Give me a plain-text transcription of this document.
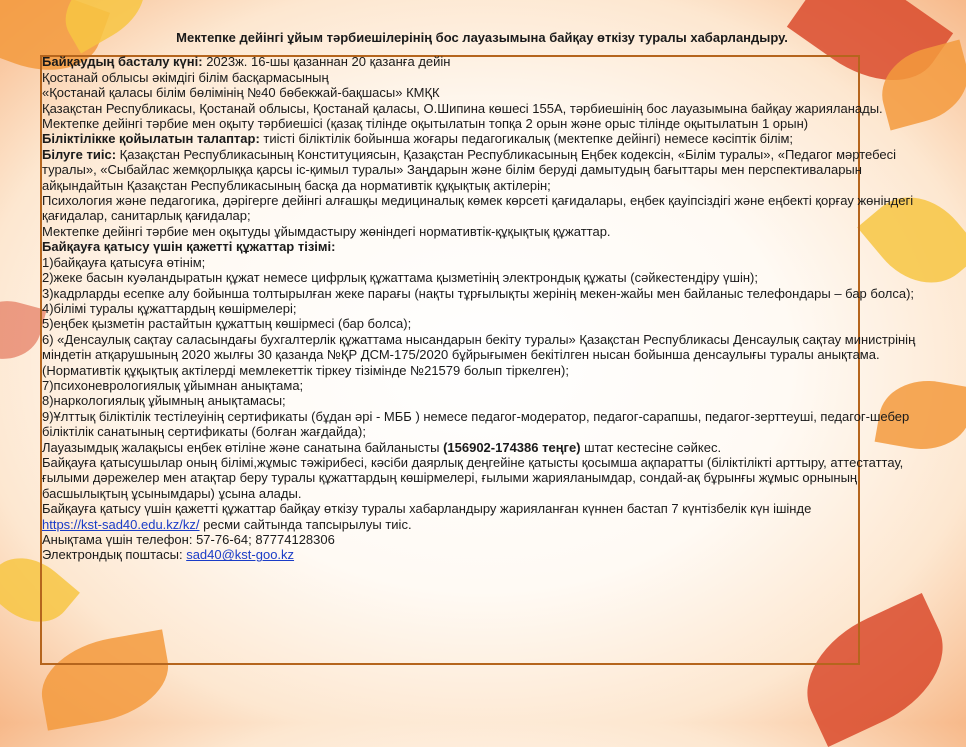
Мектепке дейінгі ұйым тәрбиешілерінің бос лауазымына байқау өткізу туралы хабарландыру.
Байқаудың басталу күні: 2023ж. 16-шы қазаннан 20 қазанға дейін
Қостанай облысы әкімдігі білім басқармасының
«Қостанай қаласы білім бөлімінің №40 бөбекжай-бақшасы» КМҚК
Қазақстан Республикасы, Қостанай облысы, Қостанай қаласы, О.Шипина көшесі 155А, тәрбиешінің бос лауазымына байқау жарияланады.
Мектепке дейінгі тәрбие мен оқыту тәрбиешісі (қазақ тілінде оқытылатын топқа 2 орын және орыс тілінде оқытылатын 1 орын)
Біліктілікке қойылатын талаптар: тиісті біліктілік бойынша жоғары педагогикалық (мектепке дейінгі) немесе кәсіптік білім;
Білуге тиіс: Қазақстан Республикасының Конституциясын, Қазақстан Республикасының Еңбек кодексін, «Білім туралы», «Педагог мәртебесі туралы», «Сыбайлас жемқорлыққа қарсы іс-қимыл туралы» Заңдарын және білім беруді дамытудың бағыттары мен перспективаларын айқындайтын Қазақстан Республикасының басқа да нормативтік құқықтық актілерін;
Психология және педагогика, дәрігерге дейінгі алғашқы медициналық көмек көрсеті қағидалары, еңбек қауіпсіздігі және еңбекті қорғау жөніндегі қағидалар, санитарлық қағидалар;
Мектепке дейінгі тәрбие мен оқытуды ұйымдастыру жөніндегі нормативтік-құқықтық құжаттар.
Байқауға қатысу үшін қажетті құжаттар тізімі:
1)байқауға қатысуға өтінім;
2)жеке басын куәландыратын құжат немесе цифрлық құжаттама қызметінің электрондық құжаты (сәйкестендіру үшін);
3)кадрларды есепке алу бойынша толтырылған жеке парағы (нақты тұрғылықты жерінің мекен-жайы мен байланыс телефондары – бар болса);
4)білімі туралы құжаттардың көшірмелері;
5)еңбек қызметін растайтын құжаттың көшірмесі (бар болса);
6) «Денсаулық сақтау саласындағы бухгалтерлік құжаттама нысандарын бекіту туралы» Қазақстан Республикасы Денсаулық сақтау министрінің міндетін атқарушының 2020 жылғы 30 қазанда №ҚР ДСМ-175/2020 бұйрығымен бекітілген нысан бойынша денсаулығы туралы анықтама. (Нормативтік құқықтық актілерді мемлекеттік тіркеу тізімінде №21579 болып тіркелген);
7)психоневрологиялық ұйымнан анықтама;
8)наркологиялық ұйымның анықтамасы;
9)Ұлттық біліктілік тестілеуінің сертификаты (бұдан әрі - МББ ) немесе педагог-модератор, педагог-сарапшы, педагог-зерттеуші, педагог-шебер біліктілік санатының сертификаты (болған жағдайда);
Лауазымдық жалақысы еңбек өтіліне және санатына байланысты (156902-174386 теңге) штат кестесіне сәйкес.
Байқауға қатысушылар оның білімі,жұмыс тәжірибесі, кәсіби даярлық деңгейіне қатысты қосымша ақпаратты (біліктілікті арттыру, аттестаттау, ғылыми дәрежелер мен атақтар беру туралы құжаттардың көшірмелері, ғылыми жарияланымдар, сондай-ақ бұрынғы жұмыс орнының басшылықтың ұсынымдары) ұсына алады.
Байқауға қатысу үшін қажетті құжаттар байқау өткізу туралы хабарландыру жарияланған күннен бастап 7 күнтізбелік күн ішінде
https://kst-sad40.edu.kz/kz/ ресми сайтында тапсырылуы тиіс.
Анықтама үшін телефон: 57-76-64; 87774128306
Электрондық поштасы: sad40@kst-goo.kz
